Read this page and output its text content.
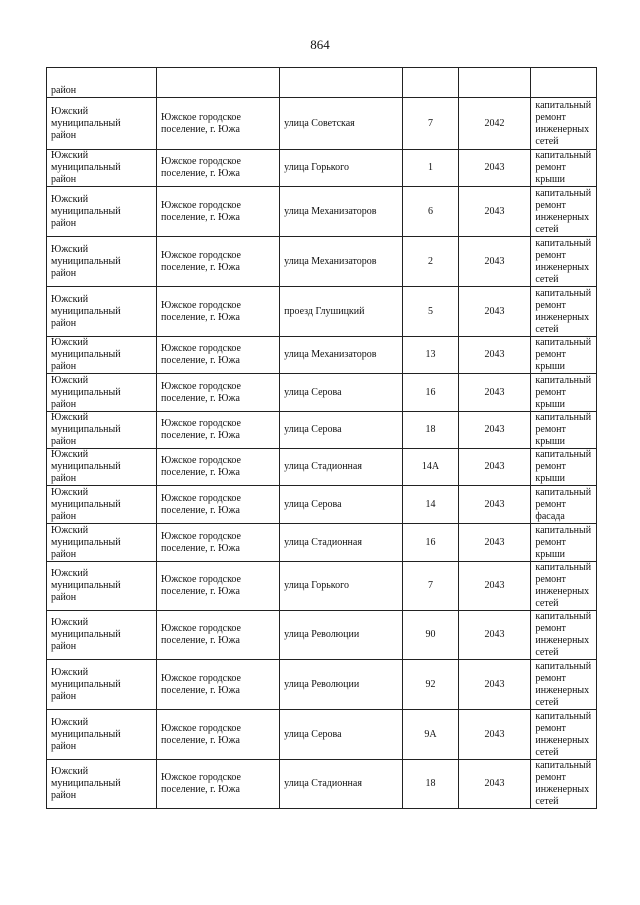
864
район					

Южский муниципальный район	Южское городское поселение, г. Южа	улица Советская	7	2042	капитальный ремонт инженерных сетей

Южский муниципальный район	Южское городское поселение, г. Южа	улица Горького	1	2043	капитальный ремонт крыши

Южский муниципальный район	Южское городское поселение, г. Южа	улица Механизаторов	6	2043	капитальный ремонт инженерных сетей

Южский муниципальный район	Южское городское поселение, г. Южа	улица Механизаторов	2	2043	капитальный ремонт инженерных сетей

Южский муниципальный район	Южское городское поселение, г. Южа	проезд Глушицкий	5	2043	капитальный ремонт инженерных сетей

Южский муниципальный район	Южское городское поселение, г. Южа	улица Механизаторов	13	2043	капитальный ремонт крыши

Южский муниципальный район	Южское городское поселение, г. Южа	улица Серова	16	2043	капитальный ремонт крыши

Южский муниципальный район	Южское городское поселение, г. Южа	улица Серова	18	2043	капитальный ремонт крыши

Южский муниципальный район	Южское городское поселение, г. Южа	улица Стадионная	14А	2043	капитальный ремонт крыши

Южский муниципальный район	Южское городское поселение, г. Южа	улица Серова	14	2043	капитальный ремонт фасада

Южский муниципальный район	Южское городское поселение, г. Южа	улица Стадионная	16	2043	капитальный ремонт крыши

Южский муниципальный район	Южское городское поселение, г. Южа	улица Горького	7	2043	капитальный ремонт инженерных сетей

Южский муниципальный район	Южское городское поселение, г. Южа	улица Революции	90	2043	капитальный ремонт инженерных сетей

Южский муниципальный район	Южское городское поселение, г. Южа	улица Революции	92	2043	капитальный ремонт инженерных сетей

Южский муниципальный район	Южское городское поселение, г. Южа	улица Серова	9А	2043	капитальный ремонт инженерных сетей

Южский муниципальный район	Южское городское поселение, г. Южа	улица Стадионная	18	2043	капитальный ремонт инженерных сетей
